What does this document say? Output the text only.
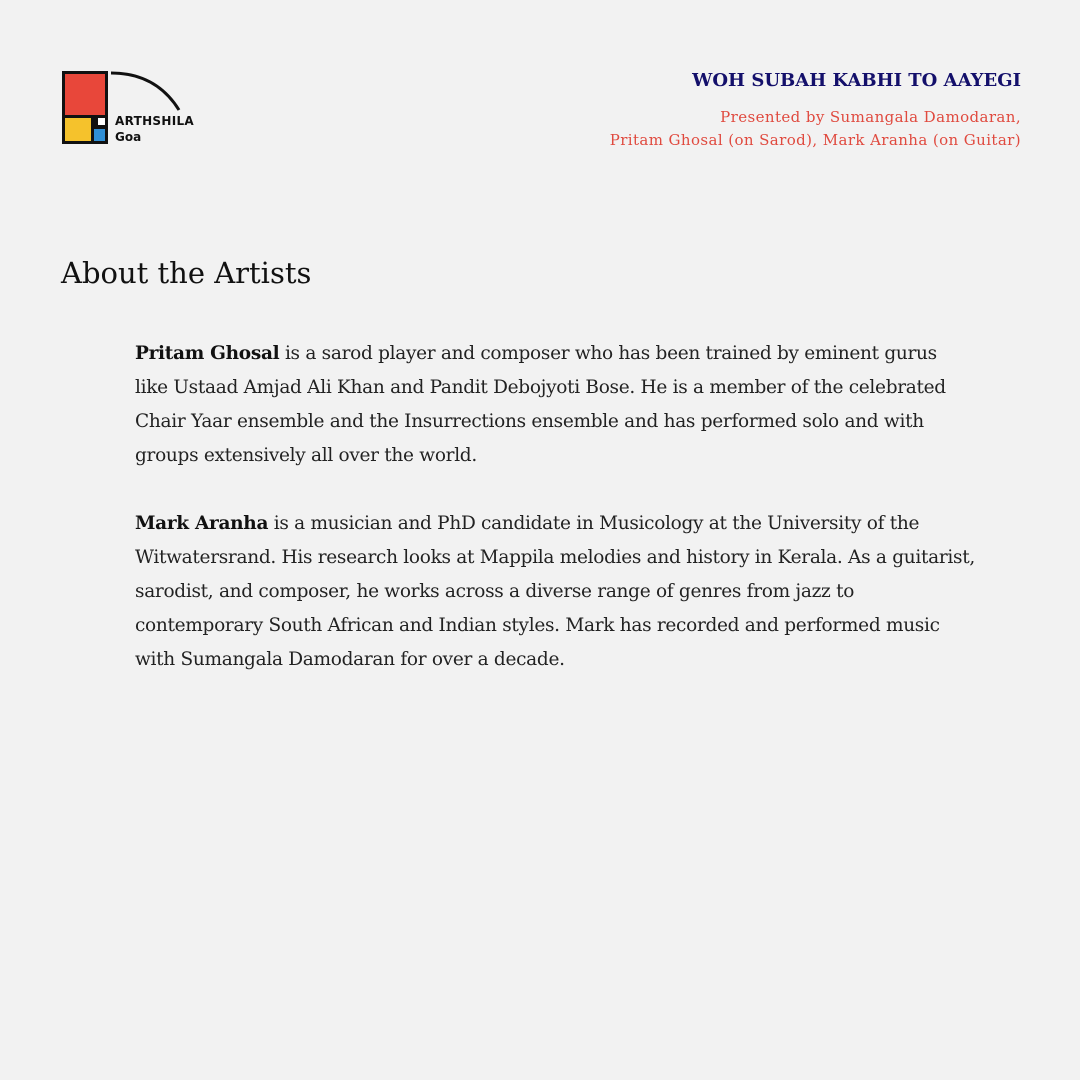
ARTHSHILA
Goa
WOH SUBAH KABHI TO AAYEGI
Presented by Sumangala Damodaran,
Pritam Ghosal (on Sarod), Mark Aranha (on Guitar)
About the Artists

Pritam Ghosal is a sarod player and composer who has been trained by eminent gurus like Ustaad Amjad Ali Khan and Pandit Debojyoti Bose. He is a member of the celebrated Chair Yaar ensemble and the Insurrections ensemble and has performed solo and with groups extensively all over the world.

Mark Aranha is a musician and PhD candidate in Musicology at the University of the Witwatersrand. His research looks at Mappila melodies and history in Kerala. As a guitarist, sarodist, and composer, he works across a diverse range of genres from jazz to contemporary South African and Indian styles. Mark has recorded and performed music with Sumangala Damodaran for over a decade.
